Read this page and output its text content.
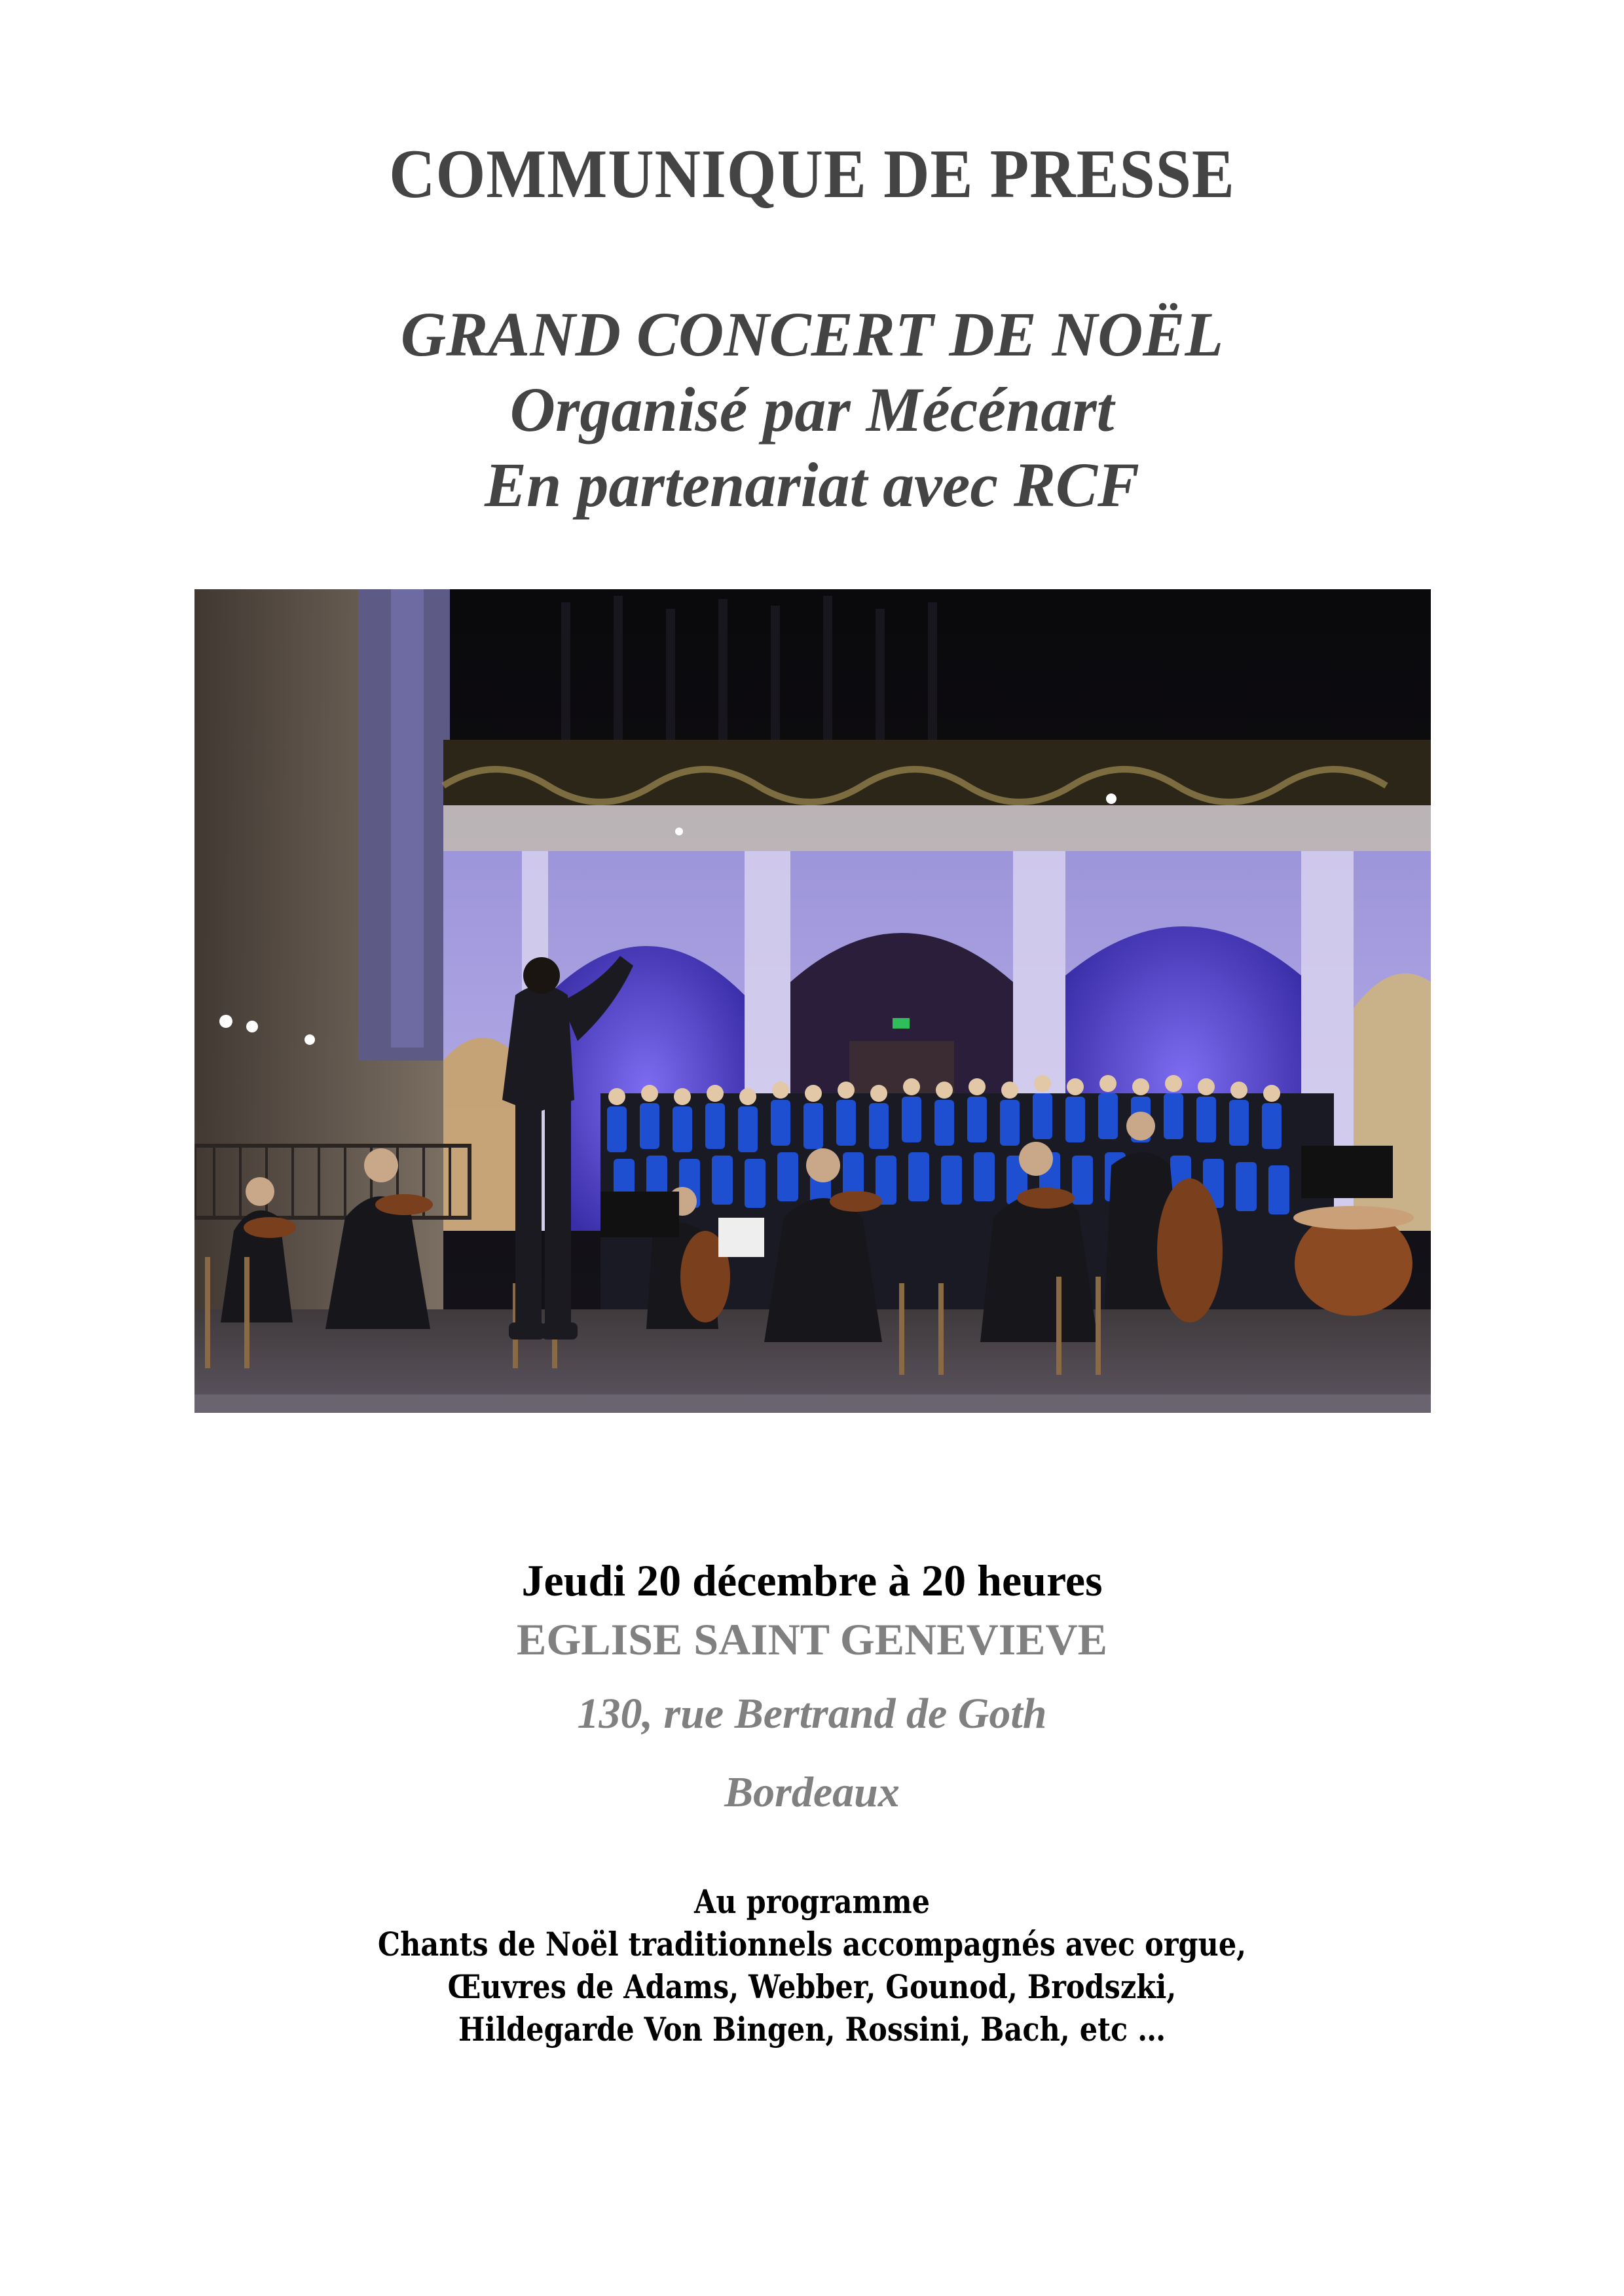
COMMUNIQUE DE PRESSE
GRAND CONCERT DE NOËL
Organisé par Mécénart
En partenariat avec RCF
Jeudi 20 décembre à 20 heures
EGLISE SAINT GENEVIEVE
130, rue Bertrand de Goth
Bordeaux
Au programme
Chants de Noël traditionnels accompagnés avec orgue,
Œuvres de Adams, Webber, Gounod, Brodszki,
Hildegarde Von Bingen, Rossini, Bach, etc …
